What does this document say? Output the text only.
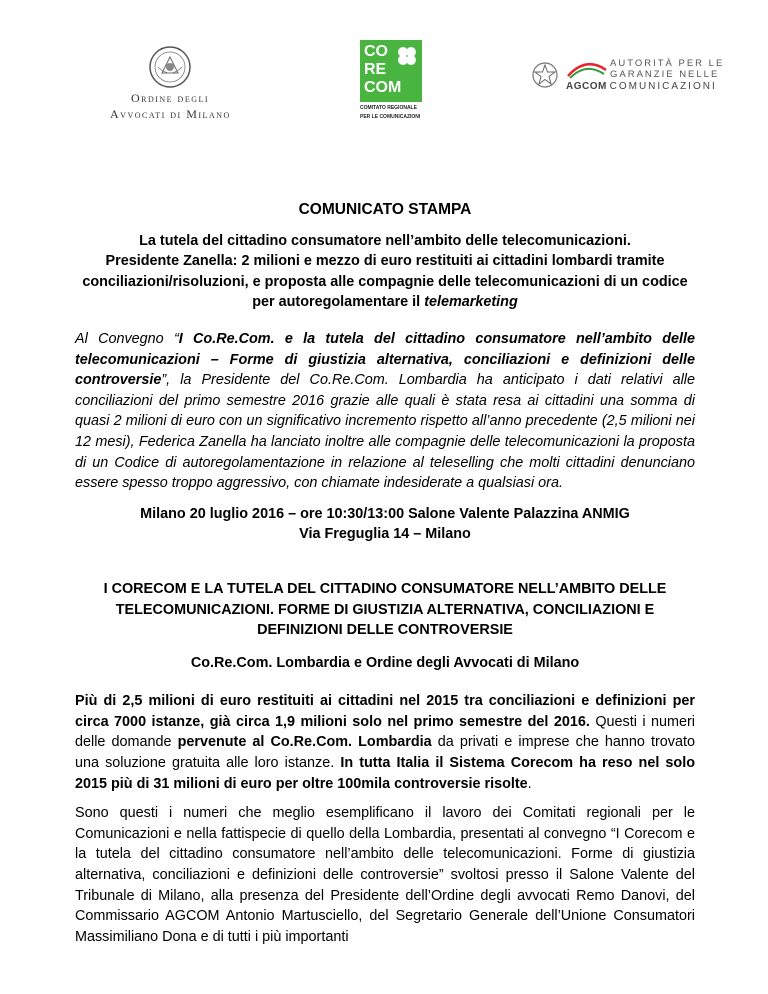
Ordine degli
Avvocati di Milano
CO
RE
COM
COMITATO REGIONALE
PER LE COMUNICAZIONI
AUTORITÀ PER LE
GARANZIE NELLE
AGCOM COMUNICAZIONI
COMUNICATO STAMPA
La tutela del cittadino consumatore nell’ambito delle telecomunicazioni.
Presidente Zanella: 2 milioni e mezzo di euro restituiti ai cittadini lombardi tramite conciliazioni/risoluzioni, e proposta alle compagnie delle telecomunicazioni di un codice per autoregolamentare il telemarketing
Al Convegno “I Co.Re.Com. e la tutela del cittadino consumatore nell’ambito delle telecomunicazioni – Forme di giustizia alternativa, conciliazioni e definizioni delle controversie”, la Presidente del Co.Re.Com. Lombardia ha anticipato i dati relativi alle conciliazioni del primo semestre 2016 grazie alle quali è stata resa ai cittadini una somma di quasi 2 milioni di euro con un significativo incremento rispetto all’anno precedente (2,5 milioni nei 12 mesi), Federica Zanella ha lanciato inoltre alle compagnie delle telecomunicazioni la proposta di un Codice di autoregolamentazione in relazione al teleselling che molti cittadini denunciano essere spesso troppo aggressivo, con chiamate indesiderate a qualsiasi ora.
Milano 20 luglio 2016 – ore 10:30/13:00 Salone Valente Palazzina ANMIG
Via Freguglia 14 – Milano
I CORECOM E LA TUTELA DEL CITTADINO CONSUMATORE NELL’AMBITO DELLE TELECOMUNICAZIONI. FORME DI GIUSTIZIA ALTERNATIVA, CONCILIAZIONI E DEFINIZIONI DELLE CONTROVERSIE
Co.Re.Com. Lombardia e Ordine degli Avvocati di Milano
Più di 2,5 milioni di euro restituiti ai cittadini nel 2015 tra conciliazioni e definizioni per circa 7000 istanze, già circa 1,9 milioni solo nel primo semestre del 2016. Questi i numeri delle domande pervenute al Co.Re.Com. Lombardia da privati e imprese che hanno trovato una soluzione gratuita alle loro istanze. In tutta Italia il Sistema Corecom ha reso nel solo 2015 più di 31 milioni di euro per oltre 100mila controversie risolte.
Sono questi i numeri che meglio esemplificano il lavoro dei Comitati regionali per le Comunicazioni e nella fattispecie di quello della Lombardia, presentati al convegno “I Corecom e la tutela del cittadino consumatore nell’ambito delle telecomunicazioni. Forme di giustizia alternativa, conciliazioni e definizioni delle controversie” svoltosi presso il Salone Valente del Tribunale di Milano, alla presenza del Presidente dell’Ordine degli avvocati Remo Danovi, del Commissario AGCOM Antonio Martusciello, del Segretario Generale dell’Unione Consumatori Massimiliano Dona e di tutti i più importanti
